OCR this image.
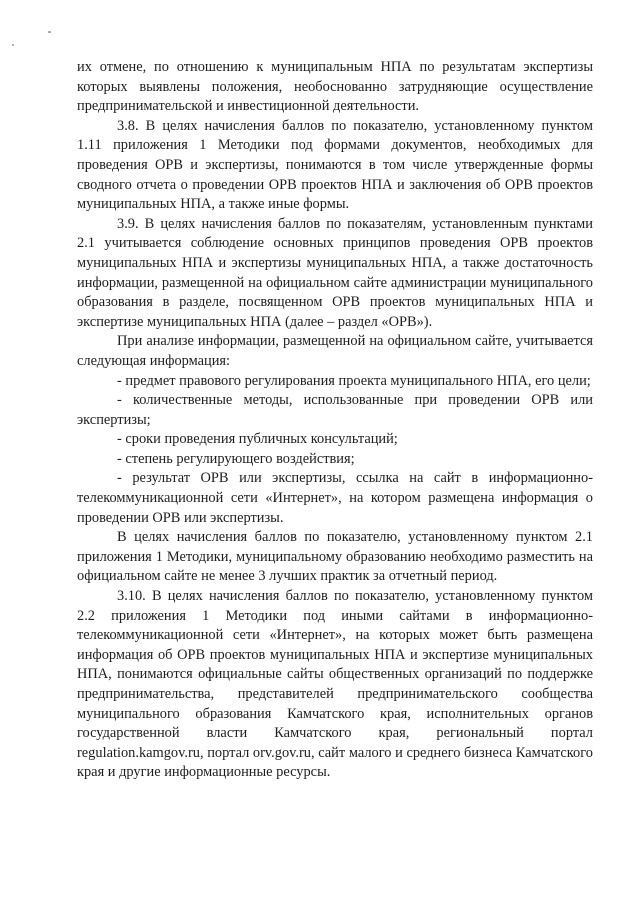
их отмене, по отношению к муниципальным НПА по результатам экспертизы которых выявлены положения, необоснованно затрудняющие осуществление предпринимательской и инвестиционной деятельности.

3.8. В целях начисления баллов по показателю, установленному пунктом 1.11 приложения 1 Методики под формами документов, необходимых для проведения ОРВ и экспертизы, понимаются в том числе утвержденные формы сводного отчета о проведении ОРВ проектов НПА и заключения об ОРВ проектов муниципальных НПА, а также иные формы.

3.9. В целях начисления баллов по показателям, установленным пунктами 2.1 учитывается соблюдение основных принципов проведения ОРВ проектов муниципальных НПА и экспертизы муниципальных НПА, а также достаточность информации, размещенной на официальном сайте администрации муниципального образования в разделе, посвященном ОРВ проектов муниципальных НПА и экспертизе муниципальных НПА (далее – раздел «ОРВ»).

При анализе информации, размещенной на официальном сайте, учитывается следующая информация:

- предмет правового регулирования проекта муниципального НПА, его цели;

- количественные методы, использованные при проведении ОРВ или экспертизы;

- сроки проведения публичных консультаций;

- степень регулирующего воздействия;

- результат ОРВ или экспертизы, ссылка на сайт в информационно-телекоммуникационной сети «Интернет», на котором размещена информация о проведении ОРВ или экспертизы.

В целях начисления баллов по показателю, установленному пунктом 2.1 приложения 1 Методики, муниципальному образованию необходимо разместить на официальном сайте не менее 3 лучших практик за отчетный период.

3.10. В целях начисления баллов по показателю, установленному пунктом 2.2 приложения 1 Методики под иными сайтами в информационно-телекоммуникационной сети «Интернет», на которых может быть размещена информация об ОРВ проектов муниципальных НПА и экспертизе муниципальных НПА, понимаются официальные сайты общественных организаций по поддержке предпринимательства, представителей предпринимательского сообщества муниципального образования Камчатского края, исполнительных органов государственной власти Камчатского края, региональный портал regulation.kamgov.ru, портал orv.gov.ru, сайт малого и среднего бизнеса Камчатского края и другие информационные ресурсы.
